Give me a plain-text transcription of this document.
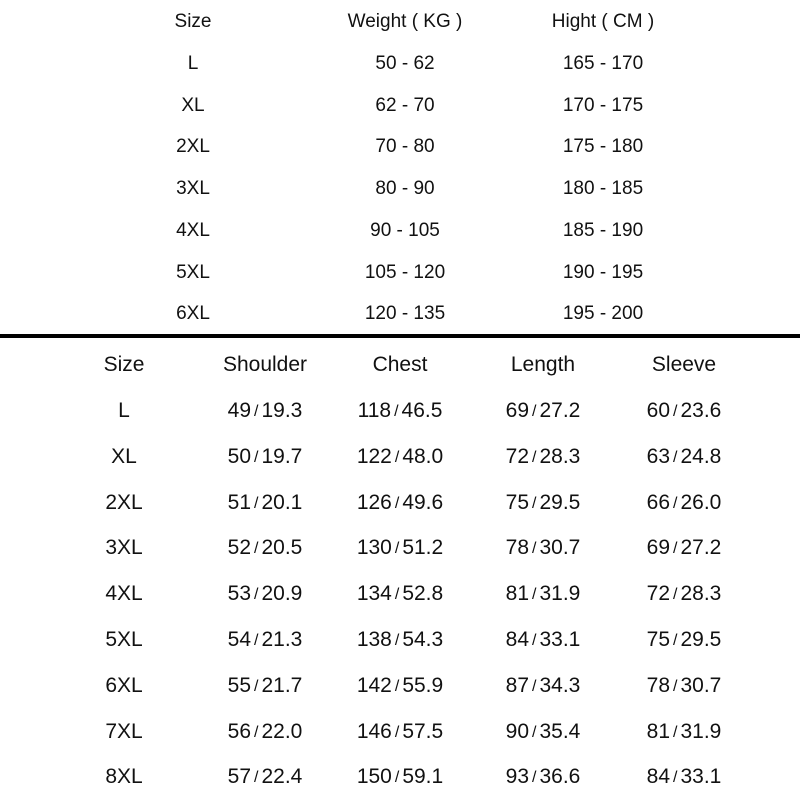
Size	Weight ( KG )	Hight ( CM )
L	50 - 62	165 - 170
XL	62 - 70	170 - 175
2XL	70 - 80	175 - 180
3XL	80 - 90	180 - 185
4XL	90 - 105	185 - 190
5XL	105 - 120	190 - 195
6XL	120 - 135	195 - 200
Size	Shoulder	Chest	Length	Sleeve
L	49 / 19.3	118 / 46.5	69 / 27.2	60 / 23.6
XL	50 / 19.7	122 / 48.0	72 / 28.3	63 / 24.8
2XL	51 / 20.1	126 / 49.6	75 / 29.5	66 / 26.0
3XL	52 / 20.5	130 / 51.2	78 / 30.7	69 / 27.2
4XL	53 / 20.9	134 / 52.8	81 / 31.9	72 / 28.3
5XL	54 / 21.3	138 / 54.3	84 / 33.1	75 / 29.5
6XL	55 / 21.7	142 / 55.9	87 / 34.3	78 / 30.7
7XL	56 / 22.0	146 / 57.5	90 / 35.4	81 / 31.9
8XL	57 / 22.4	150 / 59.1	93 / 36.6	84 / 33.1
